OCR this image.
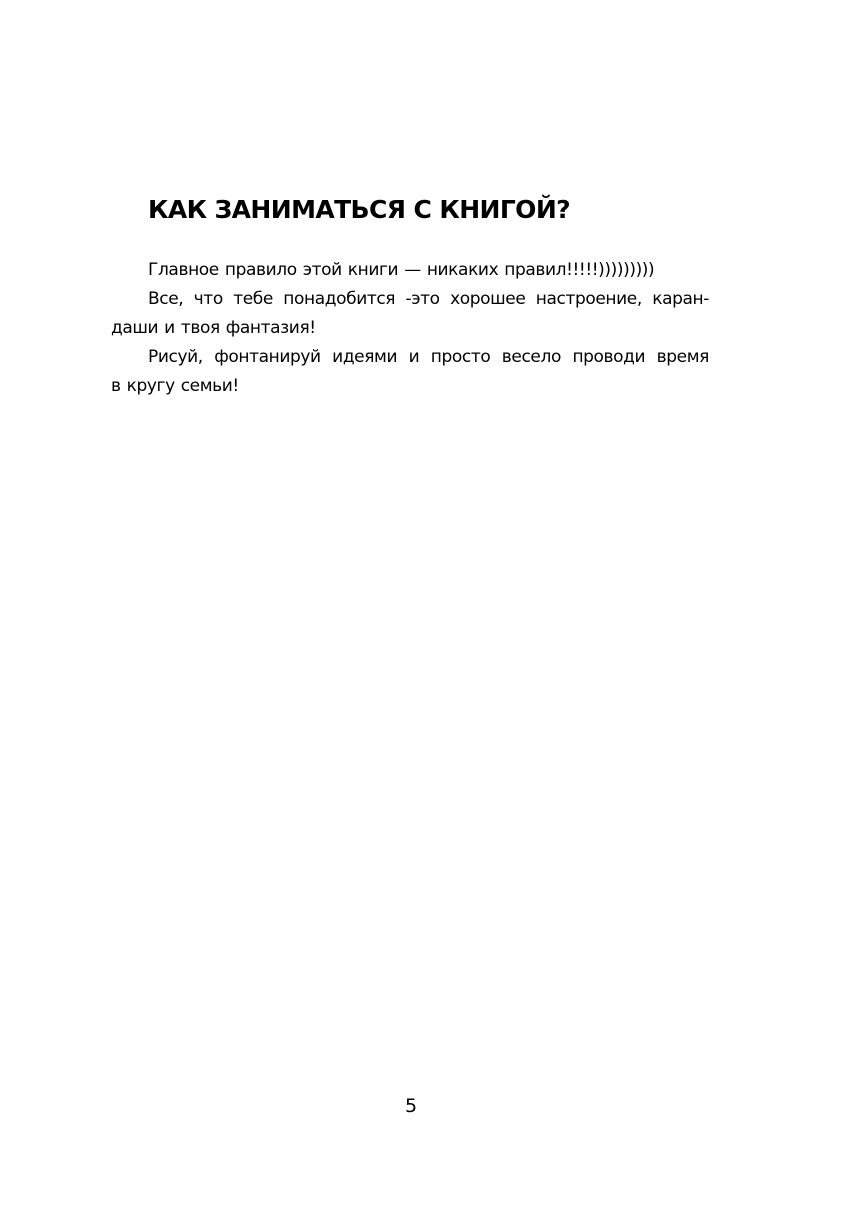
КАК ЗАНИМАТЬСЯ С КНИГОЙ?

Главное правило этой книги — никаких правил!!!!!)))))))))

Все, что тебе понадобится -это хорошее настроение, каран-
даши и твоя фантазия!

Рисуй, фонтанируй идеями и просто весело проводи время
в кругу семьи!

5
